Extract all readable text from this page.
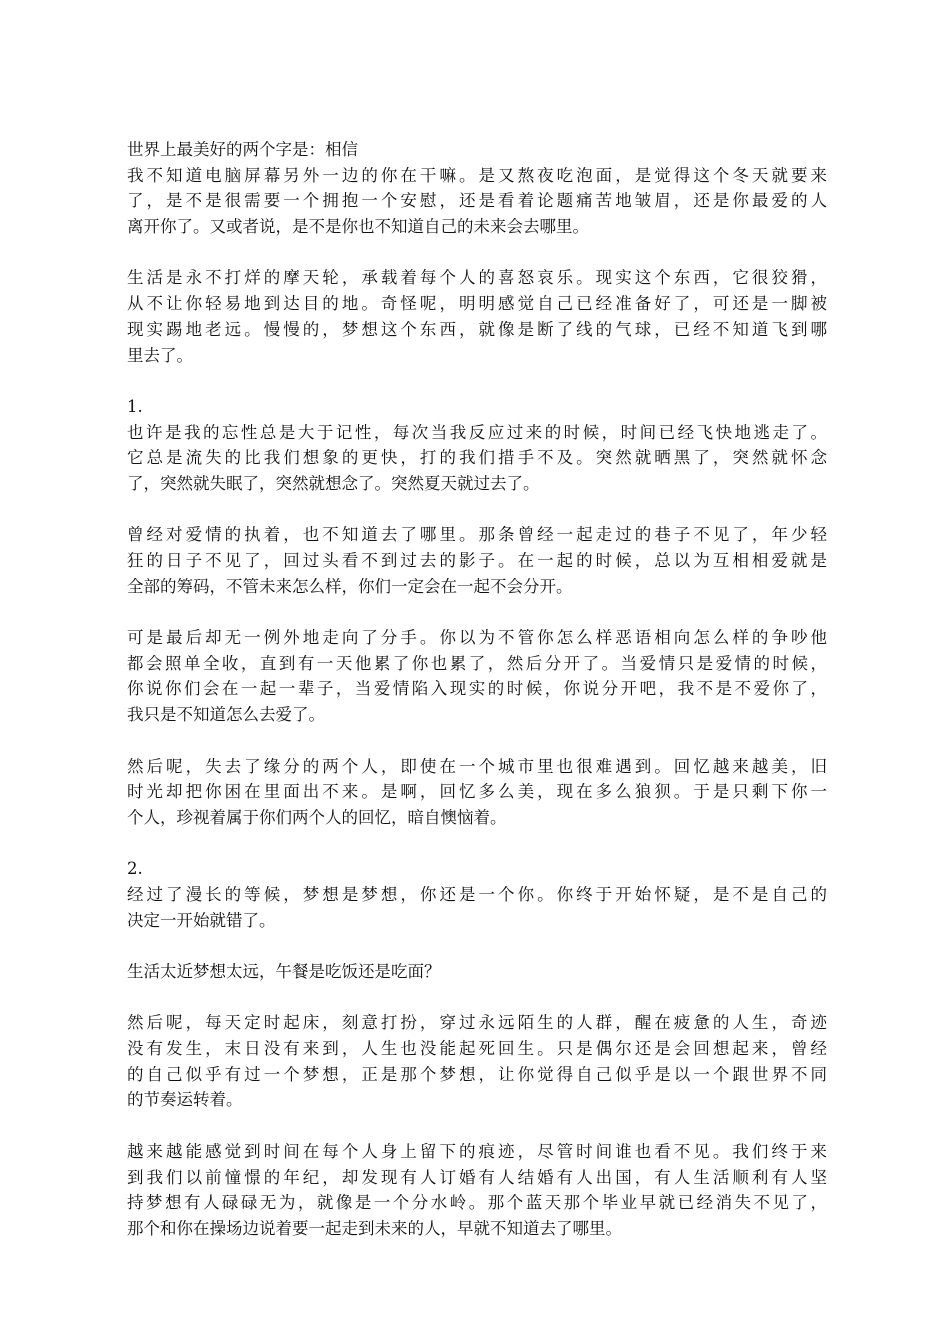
世界上最美好的两个字是：相信
我不知道电脑屏幕另外一边的你在干嘛。是又熬夜吃泡面，是觉得这个冬天就要来
了，是不是很需要一个拥抱一个安慰，还是看着论题痛苦地皱眉，还是你最爱的人
离开你了。又或者说，是不是你也不知道自己的未来会去哪里。
生活是永不打烊的摩天轮，承载着每个人的喜怒哀乐。现实这个东西，它很狡猾，
从不让你轻易地到达目的地。奇怪呢，明明感觉自己已经准备好了，可还是一脚被
现实踢地老远。慢慢的，梦想这个东西，就像是断了线的气球，已经不知道飞到哪
里去了。
1.
也许是我的忘性总是大于记性，每次当我反应过来的时候，时间已经飞快地逃走了。
它总是流失的比我们想象的更快，打的我们措手不及。突然就晒黑了，突然就怀念
了，突然就失眠了，突然就想念了。突然夏天就过去了。
曾经对爱情的执着，也不知道去了哪里。那条曾经一起走过的巷子不见了，年少轻
狂的日子不见了，回过头看不到过去的影子。在一起的时候，总以为互相相爱就是
全部的筹码，不管未来怎么样，你们一定会在一起不会分开。
可是最后却无一例外地走向了分手。你以为不管你怎么样恶语相向怎么样的争吵他
都会照单全收，直到有一天他累了你也累了，然后分开了。当爱情只是爱情的时候，
你说你们会在一起一辈子，当爱情陷入现实的时候，你说分开吧，我不是不爱你了，
我只是不知道怎么去爱了。
然后呢，失去了缘分的两个人，即使在一个城市里也很难遇到。回忆越来越美，旧
时光却把你困在里面出不来。是啊，回忆多么美，现在多么狼狈。于是只剩下你一
个人，珍视着属于你们两个人的回忆，暗自懊恼着。
2.
经过了漫长的等候，梦想是梦想，你还是一个你。你终于开始怀疑，是不是自己的
决定一开始就错了。
生活太近梦想太远，午餐是吃饭还是吃面？
然后呢，每天定时起床，刻意打扮，穿过永远陌生的人群，醒在疲惫的人生，奇迹
没有发生，末日没有来到，人生也没能起死回生。只是偶尔还是会回想起来，曾经
的自己似乎有过一个梦想，正是那个梦想，让你觉得自己似乎是以一个跟世界不同
的节奏运转着。
越来越能感觉到时间在每个人身上留下的痕迹，尽管时间谁也看不见。我们终于来
到我们以前憧憬的年纪，却发现有人订婚有人结婚有人出国，有人生活顺利有人坚
持梦想有人碌碌无为，就像是一个分水岭。那个蓝天那个毕业早就已经消失不见了，
那个和你在操场边说着要一起走到未来的人，早就不知道去了哪里。
